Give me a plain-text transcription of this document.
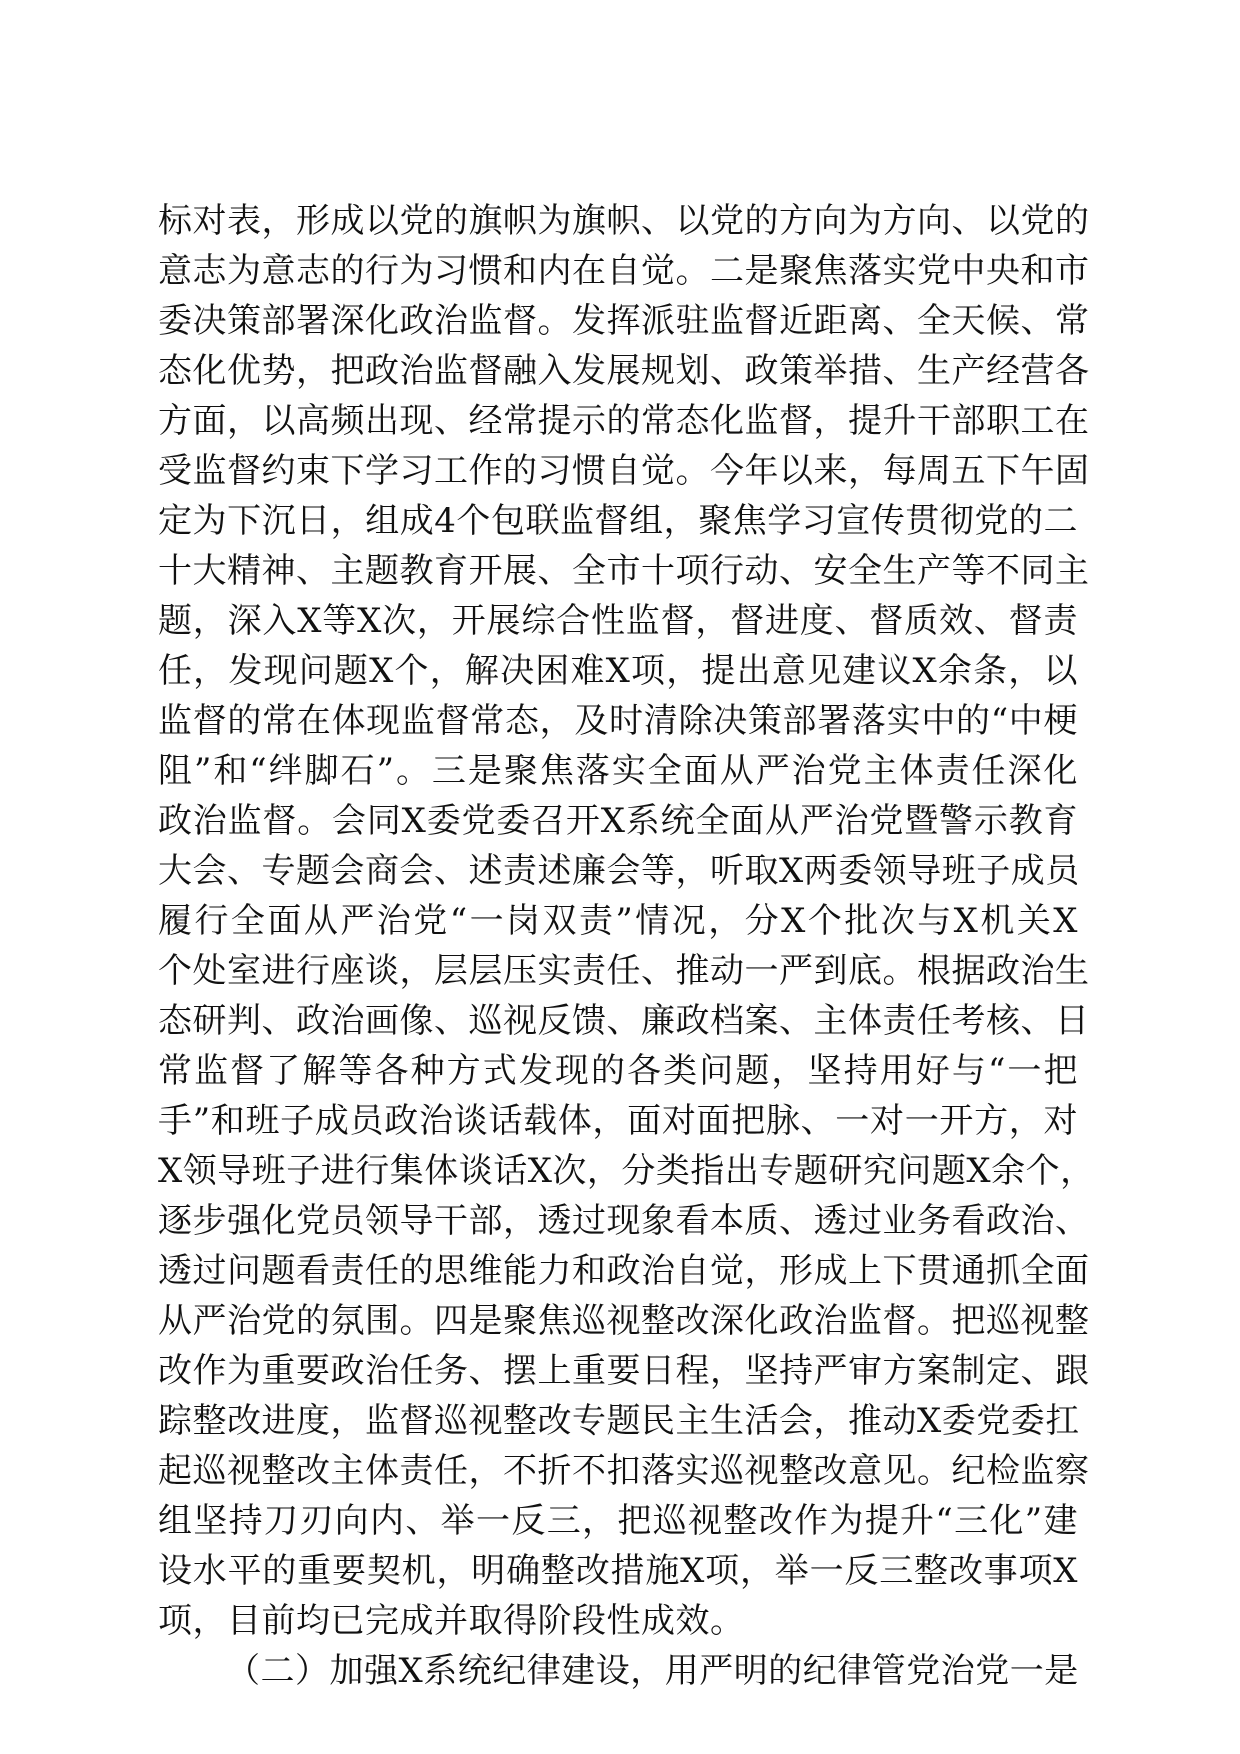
标对表，形成以党的旗帜为旗帜、以党的方向为方向、以党的
意志为意志的行为习惯和内在自觉。二是聚焦落实党中央和市
委决策部署深化政治监督。发挥派驻监督近距离、全天候、常
态化优势，把政治监督融入发展规划、政策举措、生产经营各
方面，以高频出现、经常提示的常态化监督，提升干部职工在
受监督约束下学习工作的习惯自觉。今年以来，每周五下午固
定为下沉日，组成4个包联监督组，聚焦学习宣传贯彻党的二
十大精神、主题教育开展、全市十项行动、安全生产等不同主
题，深入X等X次，开展综合性监督，督进度、督质效、督责
任，发现问题X个，解决困难X项，提出意见建议X余条，以
监督的常在体现监督常态，及时清除决策部署落实中的“中梗
阻”和“绊脚石”。三是聚焦落实全面从严治党主体责任深化
政治监督。会同X委党委召开X系统全面从严治党暨警示教育
大会、专题会商会、述责述廉会等，听取X两委领导班子成员
履行全面从严治党“一岗双责”情况，分X个批次与X机关X
个处室进行座谈，层层压实责任、推动一严到底。根据政治生
态研判、政治画像、巡视反馈、廉政档案、主体责任考核、日
常监督了解等各种方式发现的各类问题，坚持用好与“一把
手”和班子成员政治谈话载体，面对面把脉、一对一开方，对
X领导班子进行集体谈话X次，分类指出专题研究问题X余个，
逐步强化党员领导干部，透过现象看本质、透过业务看政治、
透过问题看责任的思维能力和政治自觉，形成上下贯通抓全面
从严治党的氛围。四是聚焦巡视整改深化政治监督。把巡视整
改作为重要政治任务、摆上重要日程，坚持严审方案制定、跟
踪整改进度，监督巡视整改专题民主生活会，推动X委党委扛
起巡视整改主体责任，不折不扣落实巡视整改意见。纪检监察
组坚持刀刃向内、举一反三，把巡视整改作为提升“三化”建
设水平的重要契机，明确整改措施X项，举一反三整改事项X
项，目前均已完成并取得阶段性成效。
（二）加强X系统纪律建设，用严明的纪律管党治党一是
